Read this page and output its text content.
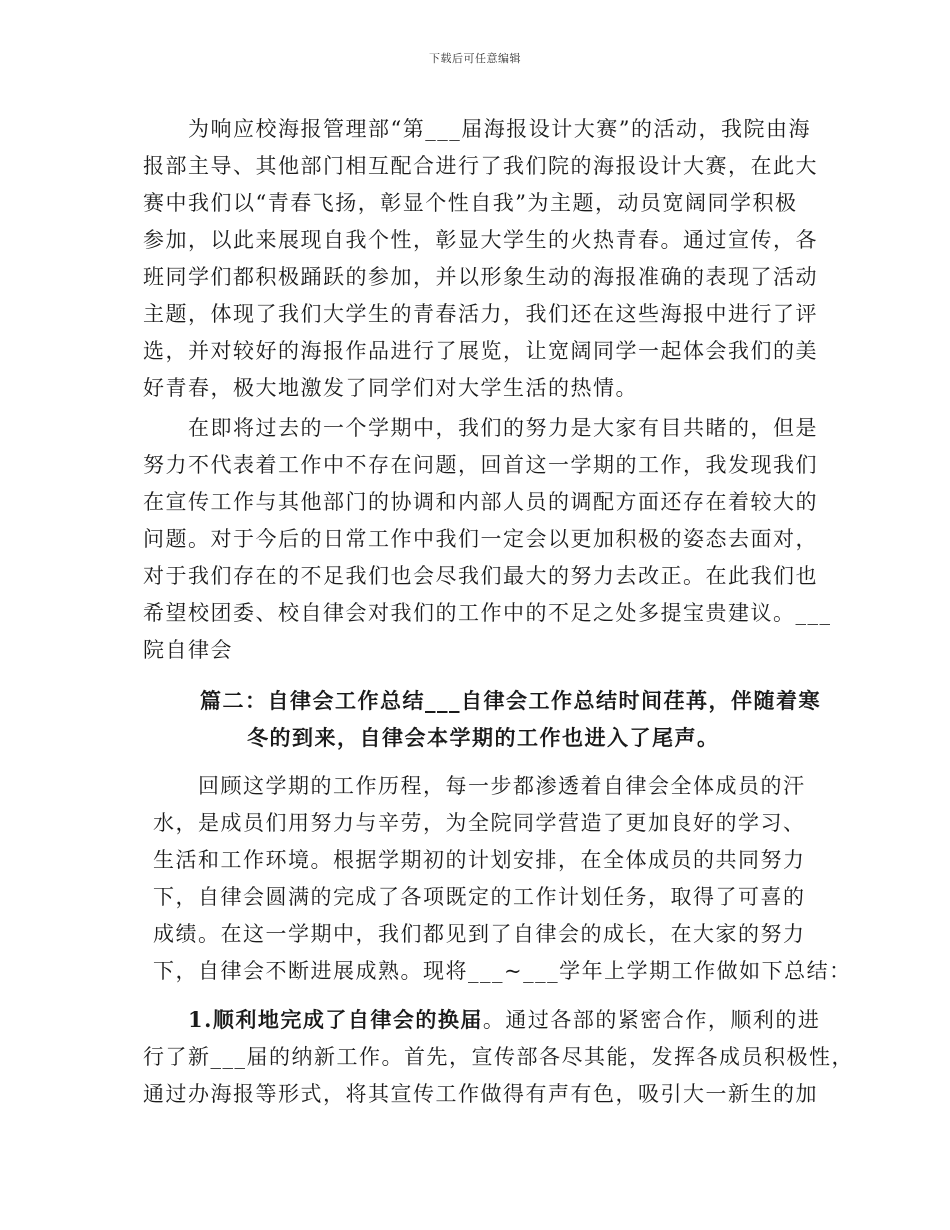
下载后可任意编辑
为响应校海报管理部“第___届海报设计大赛”的活动，我院由海
报部主导、其他部门相互配合进行了我们院的海报设计大赛，在此大
赛中我们以“青春飞扬，彰显个性自我”为主题，动员宽阔同学积极
参加，以此来展现自我个性，彰显大学生的火热青春。通过宣传，各
班同学们都积极踊跃的参加，并以形象生动的海报准确的表现了活动
主题，体现了我们大学生的青春活力，我们还在这些海报中进行了评
选，并对较好的海报作品进行了展览，让宽阔同学一起体会我们的美
好青春，极大地激发了同学们对大学生活的热情。
在即将过去的一个学期中，我们的努力是大家有目共睹的，但是
努力不代表着工作中不存在问题，回首这一学期的工作，我发现我们
在宣传工作与其他部门的协调和内部人员的调配方面还存在着较大的
问题。对于今后的日常工作中我们一定会以更加积极的姿态去面对，
对于我们存在的不足我们也会尽我们最大的努力去改正。在此我们也
希望校团委、校自律会对我们的工作中的不足之处多提宝贵建议。___
院自律会
篇二：自律会工作总结___自律会工作总结时间荏苒，伴随着寒
冬的到来，自律会本学期的工作也进入了尾声。
回顾这学期的工作历程，每一步都渗透着自律会全体成员的汗
水，是成员们用努力与辛劳，为全院同学营造了更加良好的学习、
生活和工作环境。根据学期初的计划安排，在全体成员的共同努力
下，自律会圆满的完成了各项既定的工作计划任务，取得了可喜的
成绩。在这一学期中，我们都见到了自律会的成长，在大家的努力
下，自律会不断进展成熟。现将___~___学年上学期工作做如下总结：
1.顺利地完成了自律会的换届。通过各部的紧密合作，顺利的进
行了新___届的纳新工作。首先，宣传部各尽其能，发挥各成员积极性，
通过办海报等形式，将其宣传工作做得有声有色，吸引大一新生的加
